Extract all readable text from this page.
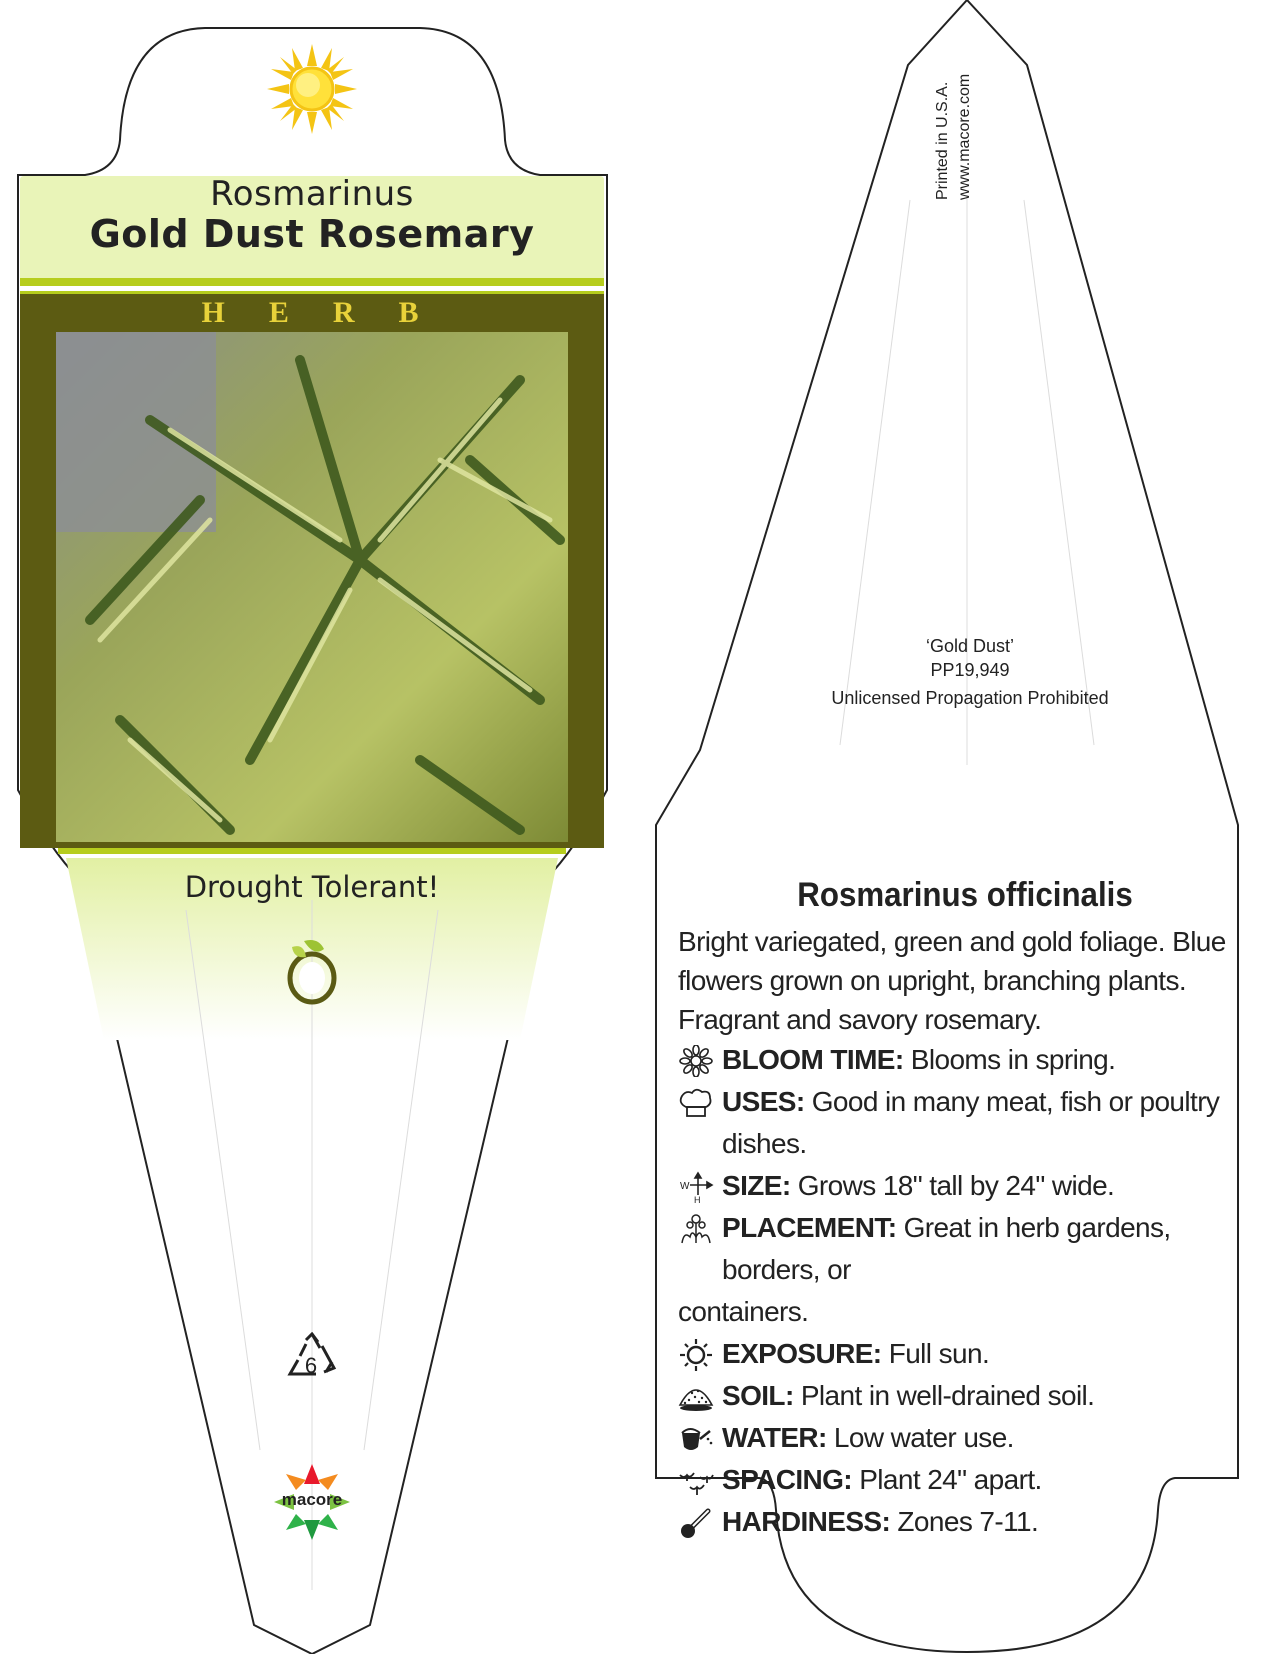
Rosmarinus
Gold Dust Rosemary
HERB
Drought Tolerant!
6
macore
Printed in U.S.A. www.macore.com
‘Gold Dust’
PP19,949
Unlicensed Propagation Prohibited
Rosmarinus officinalis
Bright variegated, green and gold foliage. Blue flowers grown on upright, branching plants. Fragrant and savory rosemary.
BLOOM TIME: Blooms in spring.
USES: Good in many meat, fish or poultry dishes.
W
H SIZE: Grows 18" tall by 24" wide.
PLACEMENT: Great in herb gardens, borders, or
containers.
EXPOSURE: Full sun.
SOIL: Plant in well-drained soil.
WATER: Low water use.
SPACING: Plant 24" apart.
HARDINESS: Zones 7-11.
